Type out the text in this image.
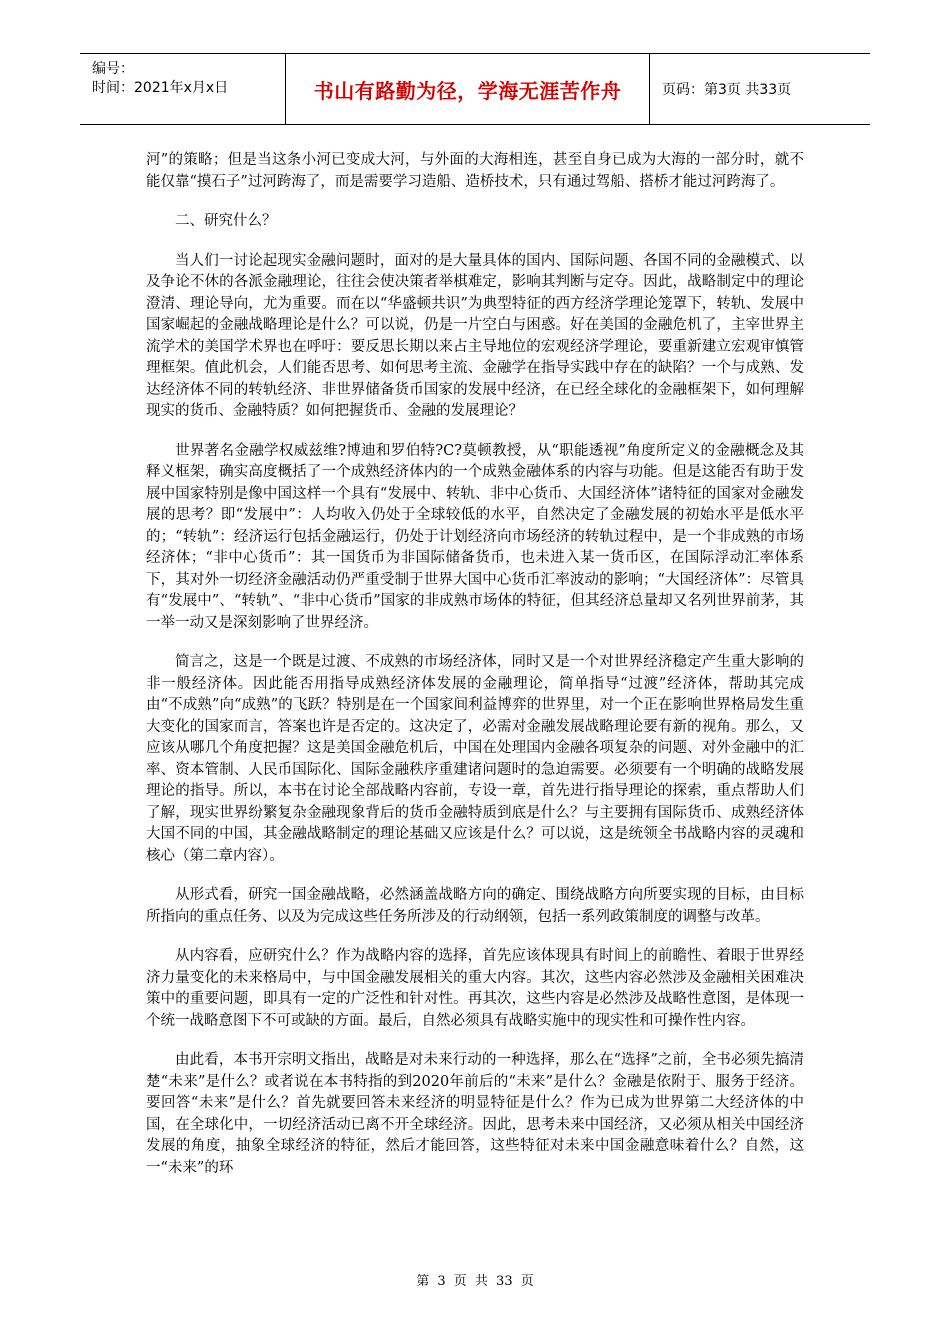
编号：
时间：2021年x月x日	书山有路勤为径，学海无涯苦作舟	页码：第3页 共33页

河”的策略；但是当这条小河已变成大河，与外面的大海相连，甚至自身已成为大海的一部分时，就不能仅靠“摸石子”过河跨海了，而是需要学习造船、造桥技术，只有通过驾船、搭桥才能过河跨海了。

二、研究什么？

当人们一讨论起现实金融问题时，面对的是大量具体的国内、国际问题、各国不同的金融模式、以及争论不休的各派金融理论，往往会使决策者举棋难定，影响其判断与定夺。因此，战略制定中的理论澄清、理论导向，尤为重要。而在以“华盛顿共识”为典型特征的西方经济学理论笼罩下，转轨、发展中国家崛起的金融战略理论是什么？可以说，仍是一片空白与困惑。好在美国的金融危机了，主宰世界主流学术的美国学术界也在呼吁：要反思长期以来占主导地位的宏观经济学理论，要重新建立宏观审慎管理框架。值此机会，人们能否思考、如何思考主流、金融学在指导实践中存在的缺陷？一个与成熟、发达经济体不同的转轨经济、非世界储备货币国家的发展中经济，在已经全球化的金融框架下，如何理解现实的货币、金融特质？如何把握货币、金融的发展理论？

世界著名金融学权威兹维?博迪和罗伯特?C?莫顿教授，从“职能透视”角度所定义的金融概念及其释义框架，确实高度概括了一个成熟经济体内的一个成熟金融体系的内容与功能。但是这能否有助于发展中国家特别是像中国这样一个具有“发展中、转轨、非中心货币、大国经济体”诸特征的国家对金融发展的思考？即“发展中”：人均收入仍处于全球较低的水平，自然决定了金融发展的初始水平是低水平的；“转轨”：经济运行包括金融运行，仍处于计划经济向市场经济的转轨过程中，是一个非成熟的市场经济体；“非中心货币”：其一国货币为非国际储备货币，也未进入某一货币区，在国际浮动汇率体系下，其对外一切经济金融活动仍严重受制于世界大国中心货币汇率波动的影响；“大国经济体”：尽管具有“发展中”、“转轨”、“非中心货币”国家的非成熟市场体的特征，但其经济总量却又名列世界前茅，其一举一动又是深刻影响了世界经济。

简言之，这是一个既是过渡、不成熟的市场经济体，同时又是一个对世界经济稳定产生重大影响的非一般经济体。因此能否用指导成熟经济体发展的金融理论，简单指导“过渡”经济体，帮助其完成由“不成熟”向“成熟”的飞跃？特别是在一个国家间利益博弈的世界里，对一个正在影响世界格局发生重大变化的国家而言，答案也许是否定的。这决定了，必需对金融发展战略理论要有新的视角。那么，又应该从哪几个角度把握？这是美国金融危机后，中国在处理国内金融各项复杂的问题、对外金融中的汇率、资本管制、人民币国际化、国际金融秩序重建诸问题时的急迫需要。必须要有一个明确的战略发展理论的指导。所以，本书在讨论全部战略内容前，专设一章，首先进行指导理论的探索，重点帮助人们了解，现实世界纷繁复杂金融现象背后的货币金融特质到底是什么？与主要拥有国际货币、成熟经济体大国不同的中国，其金融战略制定的理论基础又应该是什么？可以说，这是统领全书战略内容的灵魂和核心（第二章内容）。

从形式看，研究一国金融战略，必然涵盖战略方向的确定、围绕战略方向所要实现的目标，由目标所指向的重点任务、以及为完成这些任务所涉及的行动纲领，包括一系列政策制度的调整与改革。

从内容看，应研究什么？作为战略内容的选择，首先应该体现具有时间上的前瞻性、着眼于世界经济力量变化的未来格局中，与中国金融发展相关的重大内容。其次，这些内容必然涉及金融相关困难决策中的重要问题，即具有一定的广泛性和针对性。再其次，这些内容是必然涉及战略性意图，是体现一个统一战略意图下不可或缺的方面。最后，自然必须具有战略实施中的现实性和可操作性内容。

由此看，本书开宗明文指出，战略是对未来行动的一种选择，那么在“选择”之前，全书必须先搞清楚“未来”是什么？或者说在本书特指的到2020年前后的“未来”是什么？金融是依附于、服务于经济。要回答“未来”是什么？首先就要回答未来经济的明显特征是什么？作为已成为世界第二大经济体的中国，在全球化中，一切经济活动已离不开全球经济。因此，思考未来中国经济，又必须从相关中国经济发展的角度，抽象全球经济的特征，然后才能回答，这些特征对未来中国金融意味着什么？自然，这一“未来”的环

第 3 页 共 33 页
